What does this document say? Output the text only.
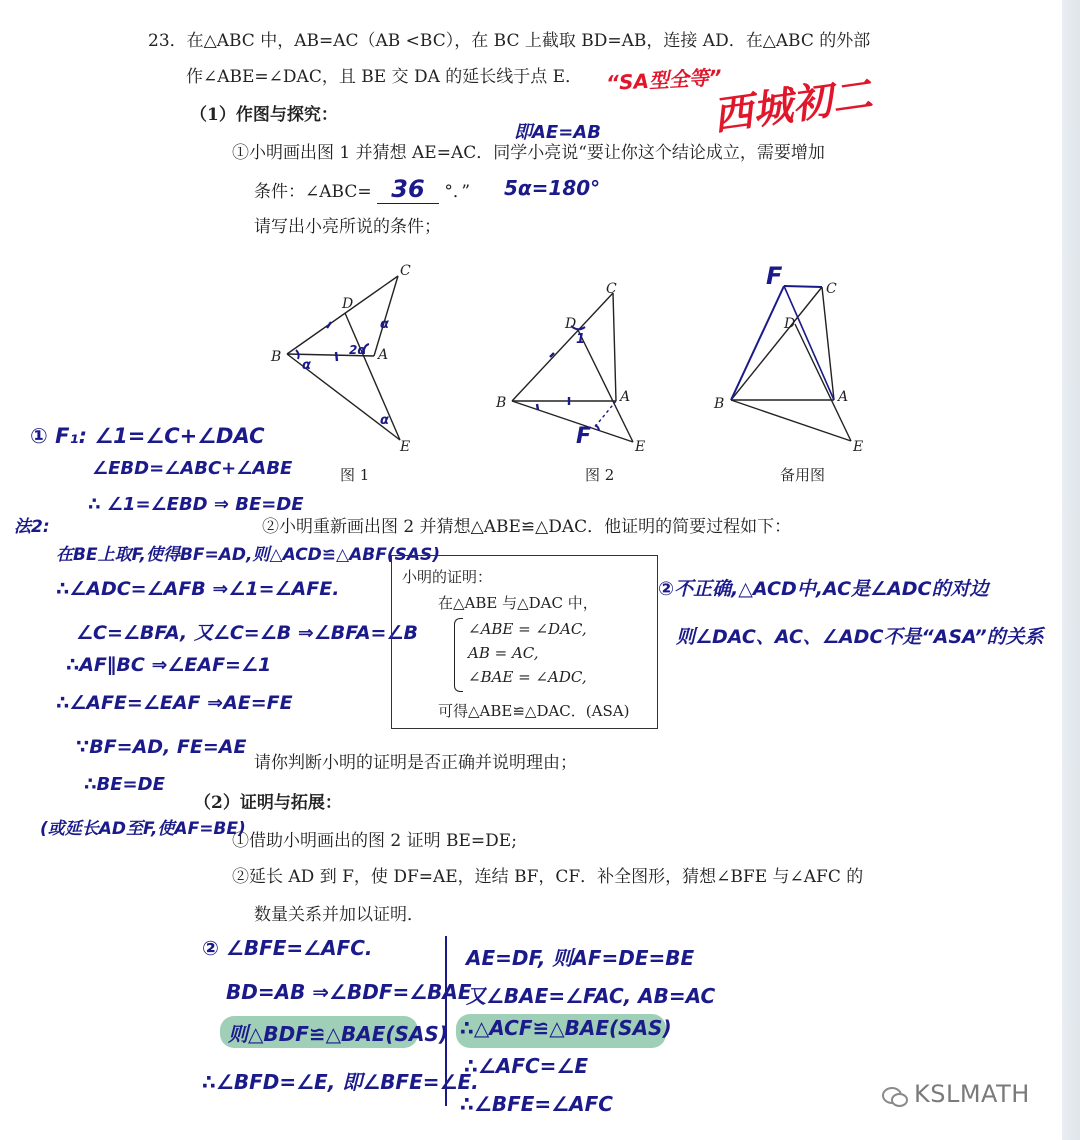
23．在△ABC 中，AB=AC（AB <BC），在 BC 上截取 BD=AB，连接 AD．在△ABC 的外部
作∠ABE=∠DAC，且 BE 交 DA 的延长线于点 E． “SA型全等”
西城初二
（1）作图与探究：
即AE=AB
①小明画出图 1 并猜想 AE=AC．同学小亮说“要让你这个结论成立，需要增加
条件：∠ABC= 36 °．” 5α=180°
请写出小亮所说的条件；
C
D
B	A
E
2α
α
α
α
图 1
C
D
1
B	A
F	E
图 2
F	C
D
B	A
E
备用图
① F₁: ∠1=∠C+∠DAC
∠EBD=∠ABC+∠ABE
∴ ∠1=∠EBD ⇒ BE=DE
法2:
在BE上取F,使得BF=AD,则△ACD≌△ABF(SAS)
∴∠ADC=∠AFB ⇒∠1=∠AFE.
∠C=∠BFA, 又∠C=∠B ⇒∠BFA=∠B
∴AF∥BC ⇒∠EAF=∠1
∴∠AFE=∠EAF ⇒AE=FE
∵BF=AD, FE=AE
∴BE=DE
(或延长AD至F,使AF=BE)
②小明重新画出图 2 并猜想△ABE≌△DAC．他证明的简要过程如下：
小明的证明：
在△ABE 与△DAC 中，
∠ABE = ∠DAC,
AB = AC,
∠BAE = ∠ADC,
可得△ABE≌△DAC．(ASA)
②不正确,△ACD中,AC是∠ADC的对边
则∠DAC、AC、∠ADC不是“ASA”的关系
请你判断小明的证明是否正确并说明理由；
（2）证明与拓展：
①借助小明画出的图 2 证明 BE=DE;
②延长 AD 到 F，使 DF=AE，连结 BF，CF．补全图形，猜想∠BFE 与∠AFC 的
数量关系并加以证明．
② ∠BFE=∠AFC.
BD=AB ⇒∠BDF=∠BAE
则△BDF≌△BAE(SAS)
∴∠BFD=∠E, 即∠BFE=∠E.
AE=DF, 则AF=DE=BE
又∠BAE=∠FAC, AB=AC
∴△ACF≌△BAE(SAS)
∴∠AFC=∠E
∴∠BFE=∠AFC	KSLMATH
